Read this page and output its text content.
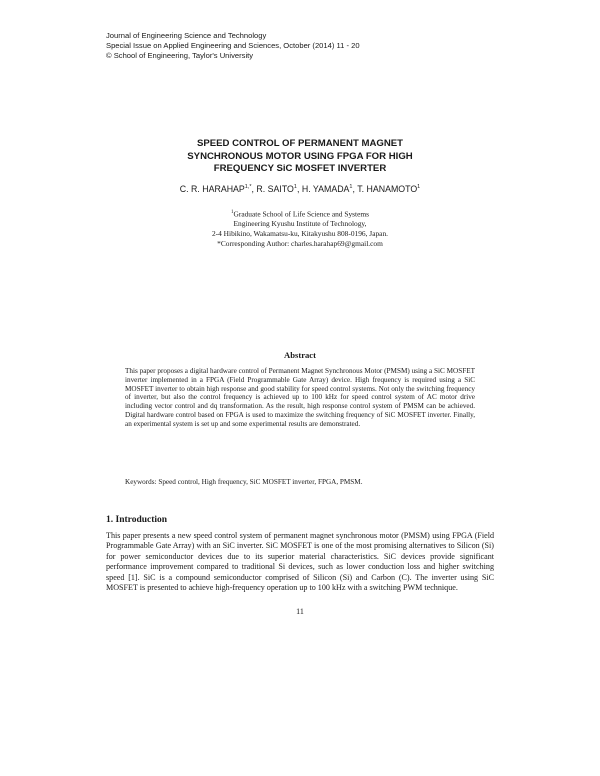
Journal of Engineering Science and Technology
Special Issue on Applied Engineering and Sciences, October (2014) 11 - 20
© School of Engineering, Taylor's University
SPEED CONTROL OF PERMANENT MAGNET
SYNCHRONOUS MOTOR USING FPGA FOR HIGH
FREQUENCY SiC MOSFET INVERTER
C. R. $HARAHAP^{1,*}$, R. SAITO$^1$, H. YAMADA$^1$, T. HANAMOTO$^1$
$^1$Graduate School of Life Science and Systems
Engineering Kyushu Institute of Technology,
2-4 Hibikino, Wakamatsu-ku, Kitakyushu 808-0196, Japan.
*Corresponding Author: charles.harahap69@gmail.com
Abstract
This paper proposes a digital hardware control of Permanent Magnet Synchronous Motor (PMSM) using a SiC MOSFET inverter implemented in a FPGA (Field Programmable Gate Array) device. High frequency is required using a SiC MOSFET inverter to obtain high response and good stability for speed control systems. Not only the switching frequency of inverter, but also the control frequency is achieved up to 100 kHz for speed control system of AC motor drive including vector control and dq transformation. As the result, high response control system of PMSM can be achieved. Digital hardware control based on FPGA is used to maximize the switching frequency of SiC MOSFET inverter. Finally, an experimental system is set up and some experimental results are demonstrated.
Keywords: Speed control, High frequency, SiC MOSFET inverter, FPGA, PMSM.
1. Introduction
This paper presents a new speed control system of permanent magnet synchronous motor (PMSM) using FPGA (Field Programmable Gate Array) with an SiC inverter. SiC MOSFET is one of the most promising alternatives to Silicon (Si) for power semiconductor devices due to its superior material characteristics. SiC devices provide significant performance improvement compared to traditional Si devices, such as lower conduction loss and higher switching speed [1]. SiC is a compound semiconductor comprised of Silicon (Si) and Carbon (C). The inverter using SiC MOSFET is presented to achieve high-frequency operation up to 100 kHz with a switching PWM technique.
11
